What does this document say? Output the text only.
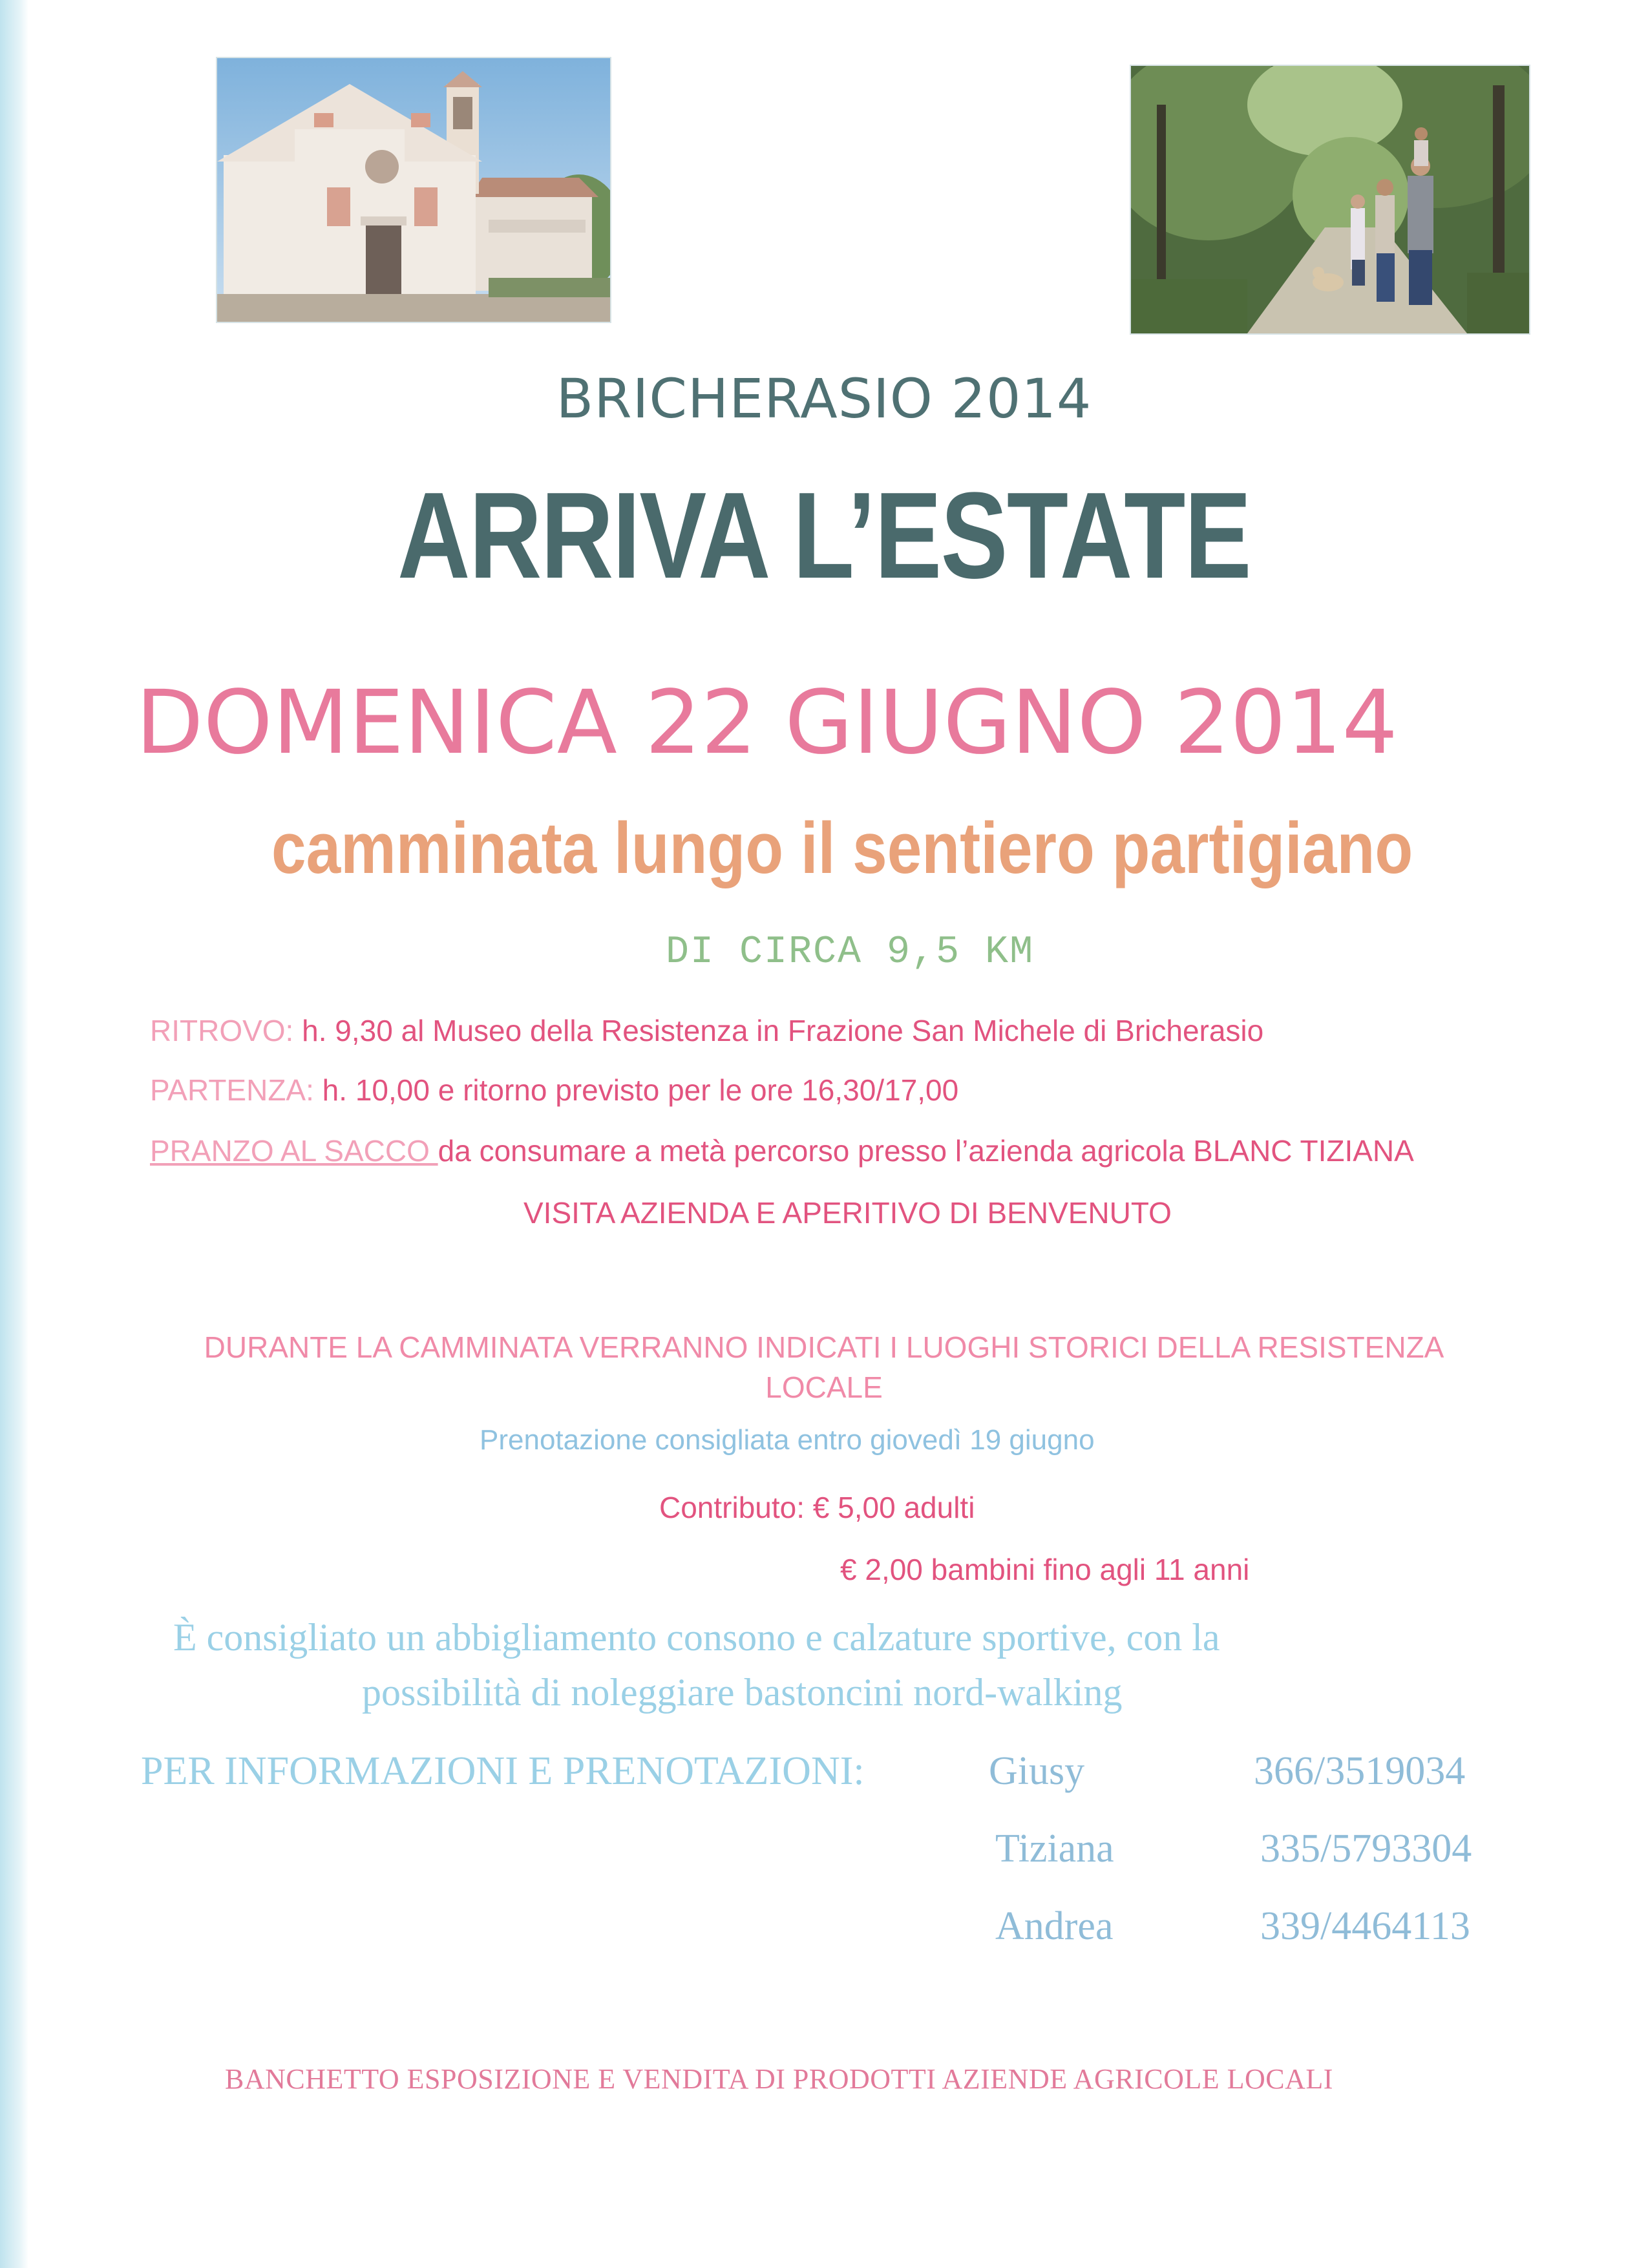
BRICHERASIO 2014
ARRIVA L’ESTATE
DOMENICA 22 GIUGNO 2014
camminata lungo il sentiero partigiano
DI CIRCA 9,5 KM
RITROVO: h. 9,30 al Museo della Resistenza in Frazione San Michele di Bricherasio
PARTENZA: h. 10,00 e ritorno previsto per le ore 16,30/17,00
PRANZO AL SACCO da consumare a metà percorso presso l’azienda agricola BLANC TIZIANA
VISITA AZIENDA E APERITIVO DI BENVENUTO
DURANTE LA CAMMINATA VERRANNO INDICATI I LUOGHI STORICI DELLA RESISTENZA
LOCALE
Prenotazione consigliata entro giovedì 19 giugno
Contributo: € 5,00 adulti
€ 2,00 bambini fino agli 11 anni
È consigliato un abbigliamento consono e calzature sportive, con la
possibilità di noleggiare bastoncini nord-walking
PER INFORMAZIONI E PRENOTAZIONI:	Giusy	366/3519034
Tiziana	335/5793304
Andrea	339/4464113
BANCHETTO ESPOSIZIONE E VENDITA DI PRODOTTI AZIENDE AGRICOLE LOCALI
